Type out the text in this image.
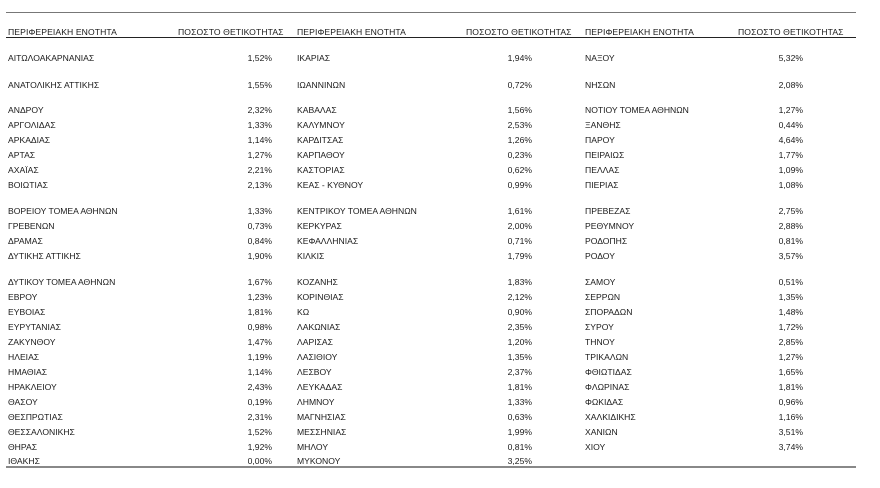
ΠΕΡΙΦΕΡΕΙΑΚΗ ΕΝΟΤΗΤΑ	ΠΟΣΟΣΤΟ ΘΕΤΙΚΟΤΗΤΑΣ ΠΕΡΙΦΕΡΕΙΑΚΗ ΕΝΟΤΗΤΑ	ΠΟΣΟΣΤΟ ΘΕΤΙΚΟΤΗΤΑΣ ΠΕΡΙΦΕΡΕΙΑΚΗ ΕΝΟΤΗΤΑ	ΠΟΣΟΣΤΟ ΘΕΤΙΚΟΤΗΤΑΣ
ΑΙΤΩΛΟΑΚΑΡΝΑΝΙΑΣ	1,52%
ΑΝΑΤΟΛΙΚΗΣ ΑΤΤΙΚΗΣ	1,55%
ΑΝΔΡΟΥ	2,32%
ΑΡΓΟΛΙΔΑΣ	1,33%
ΑΡΚΑΔΙΑΣ	1,14%
ΑΡΤΑΣ	1,27%
ΑΧΑΪΑΣ	2,21%
ΒΟΙΩΤΙΑΣ	2,13%
ΒΟΡΕΙΟΥ ΤΟΜΕΑ ΑΘΗΝΩΝ	1,33%
ΓΡΕΒΕΝΩΝ	0,73%
ΔΡΑΜΑΣ	0,84%
ΔΥΤΙΚΗΣ ΑΤΤΙΚΗΣ	1,90%
ΔΥΤΙΚΟΥ ΤΟΜΕΑ ΑΘΗΝΩΝ	1,67%
ΕΒΡΟΥ	1,23%
ΕΥΒΟΙΑΣ	1,81%
ΕΥΡΥΤΑΝΙΑΣ	0,98%
ΖΑΚΥΝΘΟΥ	1,47%
ΗΛΕΙΑΣ	1,19%
ΗΜΑΘΙΑΣ	1,14%
ΗΡΑΚΛΕΙΟΥ	2,43%
ΘΑΣΟΥ	0,19%
ΘΕΣΠΡΩΤΙΑΣ	2,31%
ΘΕΣΣΑΛΟΝΙΚΗΣ	1,52%
ΘΗΡΑΣ	1,92%
ΙΘΑΚΗΣ	0,00%
ΙΚΑΡΙΑΣ	1,94%
ΙΩΑΝΝΙΝΩΝ	0,72%
ΚΑΒΑΛΑΣ	1,56%
ΚΑΛΥΜΝΟΥ	2,53%
ΚΑΡΔΙΤΣΑΣ	1,26%
ΚΑΡΠΑΘΟΥ	0,23%
ΚΑΣΤΟΡΙΑΣ	0,62%
ΚΕΑΣ - ΚΥΘΝΟΥ	0,99%
ΚΕΝΤΡΙΚΟΥ ΤΟΜΕΑ ΑΘΗΝΩΝ	1,61%
ΚΕΡΚΥΡΑΣ	2,00%
ΚΕΦΑΛΛΗΝΙΑΣ	0,71%
ΚΙΛΚΙΣ	1,79%
ΚΟΖΑΝΗΣ	1,83%
ΚΟΡΙΝΘΙΑΣ	2,12%
ΚΩ	0,90%
ΛΑΚΩΝΙΑΣ	2,35%
ΛΑΡΙΣΑΣ	1,20%
ΛΑΣΙΘΙΟΥ	1,35%
ΛΕΣΒΟΥ	2,37%
ΛΕΥΚΑΔΑΣ	1,81%
ΛΗΜΝΟΥ	1,33%
ΜΑΓΝΗΣΙΑΣ	0,63%
ΜΕΣΣΗΝΙΑΣ	1,99%
ΜΗΛΟΥ	0,81%
ΜΥΚΟΝΟΥ	3,25%
ΝΑΞΟΥ	5,32%
ΝΗΣΩΝ	2,08%
ΝΟΤΙΟΥ ΤΟΜΕΑ ΑΘΗΝΩΝ	1,27%
ΞΑΝΘΗΣ	0,44%
ΠΑΡΟΥ	4,64%
ΠΕΙΡΑΙΩΣ	1,77%
ΠΕΛΛΑΣ	1,09%
ΠΙΕΡΙΑΣ	1,08%
ΠΡΕΒΕΖΑΣ	2,75%
ΡΕΘΥΜΝΟΥ	2,88%
ΡΟΔΟΠΗΣ	0,81%
ΡΟΔΟΥ	3,57%
ΣΑΜΟΥ	0,51%
ΣΕΡΡΩΝ	1,35%
ΣΠΟΡΑΔΩΝ	1,48%
ΣΥΡΟΥ	1,72%
ΤΗΝΟΥ	2,85%
ΤΡΙΚΑΛΩΝ	1,27%
ΦΘΙΩΤΙΔΑΣ	1,65%
ΦΛΩΡΙΝΑΣ	1,81%
ΦΩΚΙΔΑΣ	0,96%
ΧΑΛΚΙΔΙΚΗΣ	1,16%
ΧΑΝΙΩΝ	3,51%
ΧΙΟΥ	3,74%
